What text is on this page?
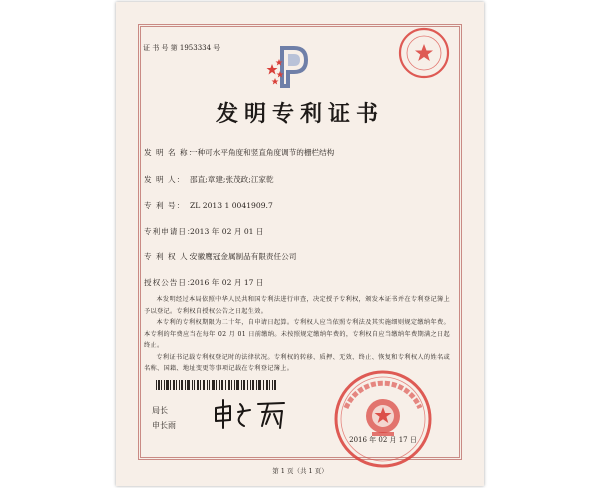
证 书 号 第 1953334 号
发明专利证书
发 明 名 称：一种可水平角度和竖直角度调节的栅栏结构
发 明 人： 邵直;章建;张茂政;江家乾
专 利 号： ZL 2013 1 0041909.7
专利申请日：2013 年 02 月 01 日
专 利 权 人：安徽鹰冠金属制品有限责任公司
授权公告日：2016 年 02 月 17 日

本发明经过本局依照中华人民共和国专利法进行审查，决定授予专利权，颁发本证书并在专利登记簿上予以登记。专利权自授权公告之日起生效。

本专利的专利权期限为二十年，自申请日起算。专利权人应当依照专利法及其实施细则规定缴纳年费。本专利的年费应当在每年 02 月 01 日前缴纳。未按照规定缴纳年费的，专利权自应当缴纳年费期满之日起终止。

专利证书记载专利权登记时的法律状况。专利权的转移、质押、无效、终止、恢复和专利权人的姓名或名称、国籍、地址变更等事项记载在专利登记簿上。

局长
申长雨
2016 年 02 月 17 日
第 1 页（共 1 页）
